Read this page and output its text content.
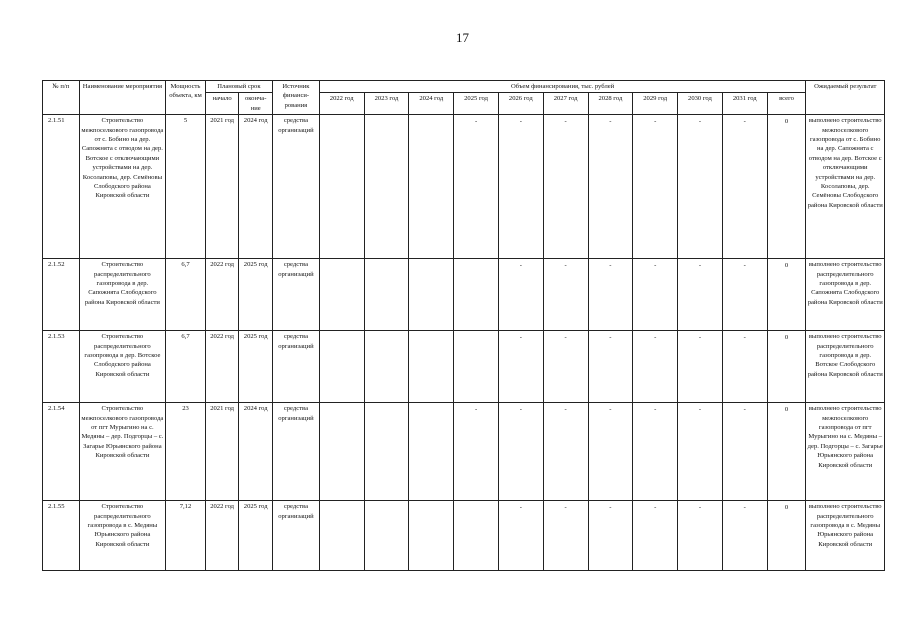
17
№ п/п	Наименование мероприятия	Мощность объекта, км	Плановый срок		Источник финанси- рования	Объем финансирования, тыс. рублей											Ожидаемый результат
			начало	оконча- ние		2022 год	2023 год	2024 год	2025 год	2026 год	2027 год	2028 год	2029 год	2030 год	2031 год	всего	
2.1.51	Строительство межпоселкового газопровода от с. Бобино на дер. Сапожнята с отводом на дер. Вотское с отключающими устройствами на дер. Косолаповы, дер. Семёновы Слободского района Кировской области	5	2021 год	2024 год	средства организаций				-	-	-	-	-	-	-	0	выполнено строительство межпоселкового газопровода от с. Бобино на дер. Сапожнята с отводом на дер. Вотское с отключающими устройствами на дер. Косолаповы, дер. Семёновы Слободского района Кировской области
2.1.52	Строительство распределительного газопровода в дер. Сапожнята Слободского района Кировской области	6,7	2022 год	2025 год	средства организаций					-	-	-	-	-	-	0	выполнено строительство распределительного газопровода в дер. Сапожнята Слободского района Кировской области
2.1.53	Строительство распределительного газопровода в дер. Вотское Слободского района Кировской области	6,7	2022 год	2025 год	средства организаций					-	-	-	-	-	-	0	выполнено строительство распределительного газопровода в дер. Вотское Слободского района Кировской области
2.1.54	Строительство межпоселкового газопровода от пгт Мурыгино на с. Медяны – дер. Подгорцы – с. Загарье Юрьянского района Кировской области	23	2021 год	2024 год	средства организаций				-	-	-	-	-	-	-	0	выполнено строительство межпоселкового газопровода от пгт Мурыгино на с. Медяны – дер. Подгорцы – с. Загарье Юрьянского района Кировской области
2.1.55	Строительство распределительного газопровода в с. Медяны Юрьянского района Кировской области	7,12	2022 год	2025 год	средства организаций					-	-	-	-	-	-	0	выполнено строительство распределительного газопровода в с. Медяны Юрьянского района Кировской области
